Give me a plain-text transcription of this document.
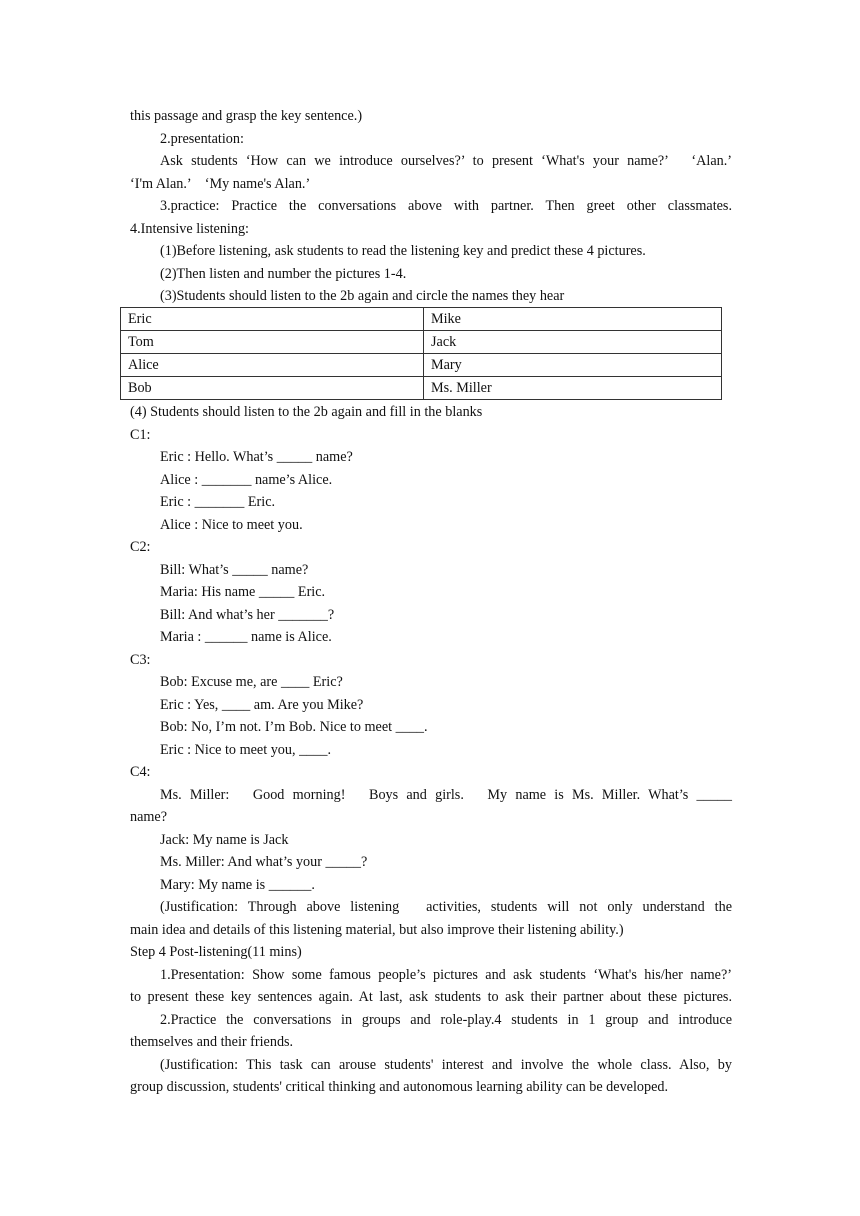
this passage and grasp the key sentence.)
2.presentation:
Ask students ‘How can we introduce ourselves?’ to present ‘What's your name?’　‘Alan.’
‘I'm Alan.’　‘My name's Alan.’
3.practice: Practice the conversations above with partner. Then greet other classmates.
4.Intensive listening:
(1)Before listening, ask students to read the listening key and predict these 4 pictures.
(2)Then listen and number the pictures 1-4.
(3)Students should listen to the 2b again and circle the names they hear
Eric	Mike
Tom	Jack
Alice	Mary
Bob	Ms. Miller
(4) Students should listen to the 2b again and fill in the blanks
C1:
Eric : Hello. What’s _____ name?
Alice : _______ name’s Alice.
Eric : _______ Eric.
Alice : Nice to meet you.
C2:
Bill: What’s _____ name?
Maria: His name _____ Eric.
Bill: And what’s her _______?
Maria : ______ name is Alice.
C3:
Bob: Excuse me, are ____ Eric?
Eric : Yes, ____ am. Are you Mike?
Bob: No, I’m not. I’m Bob. Nice to meet ____.
Eric : Nice to meet you, ____.
C4:
Ms. Miller:　Good morning!　Boys and girls.　My name is Ms. Miller. What’s _____
name?
Jack: My name is Jack
Ms. Miller: And what’s your _____?
Mary: My name is ______.
(Justification: Through above listening　activities, students will not only understand the
main idea and details of this listening material, but also improve their listening ability.)
Step 4 Post-listening(11 mins)
1.Presentation: Show some famous people’s pictures and ask students ‘What's his/her name?’
to present these key sentences again. At last, ask students to ask their partner about these pictures.
2.Practice the conversations in groups and role-play.4 students in 1 group and introduce
themselves and their friends.
(Justification: This task can arouse students' interest and involve the whole class. Also, by
group discussion, students' critical thinking and autonomous learning ability can be developed.
